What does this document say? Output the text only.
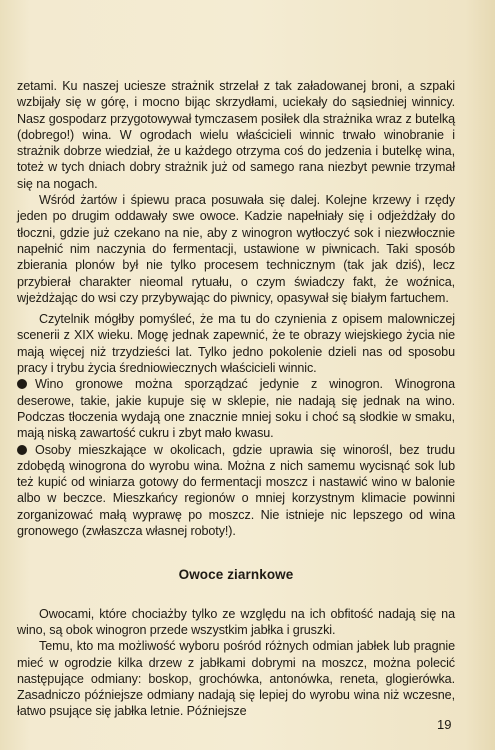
zetami. Ku naszej uciesze strażnik strzelał z tak załadowanej broni, a szpaki wzbijały się w górę, i mocno bijąc skrzydłami, uciekały do sąsiedniej winnicy. Nasz gospodarz przygotowywał tymczasem posiłek dla strażnika wraz z butelką (dobrego!) wina. W ogrodach wielu właścicieli winnic trwało winobranie i strażnik dobrze wiedział, że u każdego otrzyma coś do jedzenia i butelkę wina, toteż w tych dniach dobry strażnik już od samego rana niezbyt pewnie trzymał się na nogach.

Wśród żartów i śpiewu praca posuwała się dalej. Kolejne krzewy i rzędy jeden po drugim oddawały swe owoce. Kadzie napełniały się i odjeżdżały do tłoczni, gdzie już czekano na nie, aby z winogron wytłoczyć sok i niezwłocznie napełnić nim naczynia do fermentacji, ustawione w piwnicach. Taki sposób zbierania plonów był nie tylko procesem technicznym (tak jak dziś), lecz przybierał charakter nieomal rytuału, o czym świadczy fakt, że woźnica, wjeżdżając do wsi czy przybywając do piwnicy, opasywał się białym fartuchem.

Czytelnik mógłby pomyśleć, że ma tu do czynienia z opisem malowniczej scenerii z XIX wieku. Mogę jednak zapewnić, że te obrazy wiejskiego życia nie mają więcej niż trzydzieści lat. Tylko jedno pokolenie dzieli nas od sposobu pracy i trybu życia średniowiecznych właścicieli winnic.

Wino gronowe można sporządzać jedynie z winogron. Winogrona deserowe, takie, jakie kupuje się w sklepie, nie nadają się jednak na wino. Podczas tłoczenia wydają one znacznie mniej soku i choć są słodkie w smaku, mają niską zawartość cukru i zbyt mało kwasu.

Osoby mieszkające w okolicach, gdzie uprawia się winorośl, bez trudu zdobędą winogrona do wyrobu wina. Można z nich samemu wycisnąć sok lub też kupić od winiarza gotowy do fermentacji moszcz i nastawić wino w balonie albo w beczce. Mieszkańcy regionów o mniej korzystnym klimacie powinni zorganizować małą wyprawę po moszcz. Nie istnieje nic lepszego od wina gronowego (zwłaszcza własnej roboty!).

Owoce ziarnkowe

Owocami, które chociażby tylko ze względu na ich obfitość nadają się na wino, są obok winogron przede wszystkim jabłka i gruszki.

Temu, kto ma możliwość wyboru pośród różnych odmian jabłek lub pragnie mieć w ogrodzie kilka drzew z jabłkami dobrymi na moszcz, można polecić następujące odmiany: boskop, grochówka, antonówka, reneta, glogierówka. Zasadniczo późniejsze odmiany nadają się lepiej do wyrobu wina niż wczesne, łatwo psujące się jabłka letnie. Późniejsze

19
